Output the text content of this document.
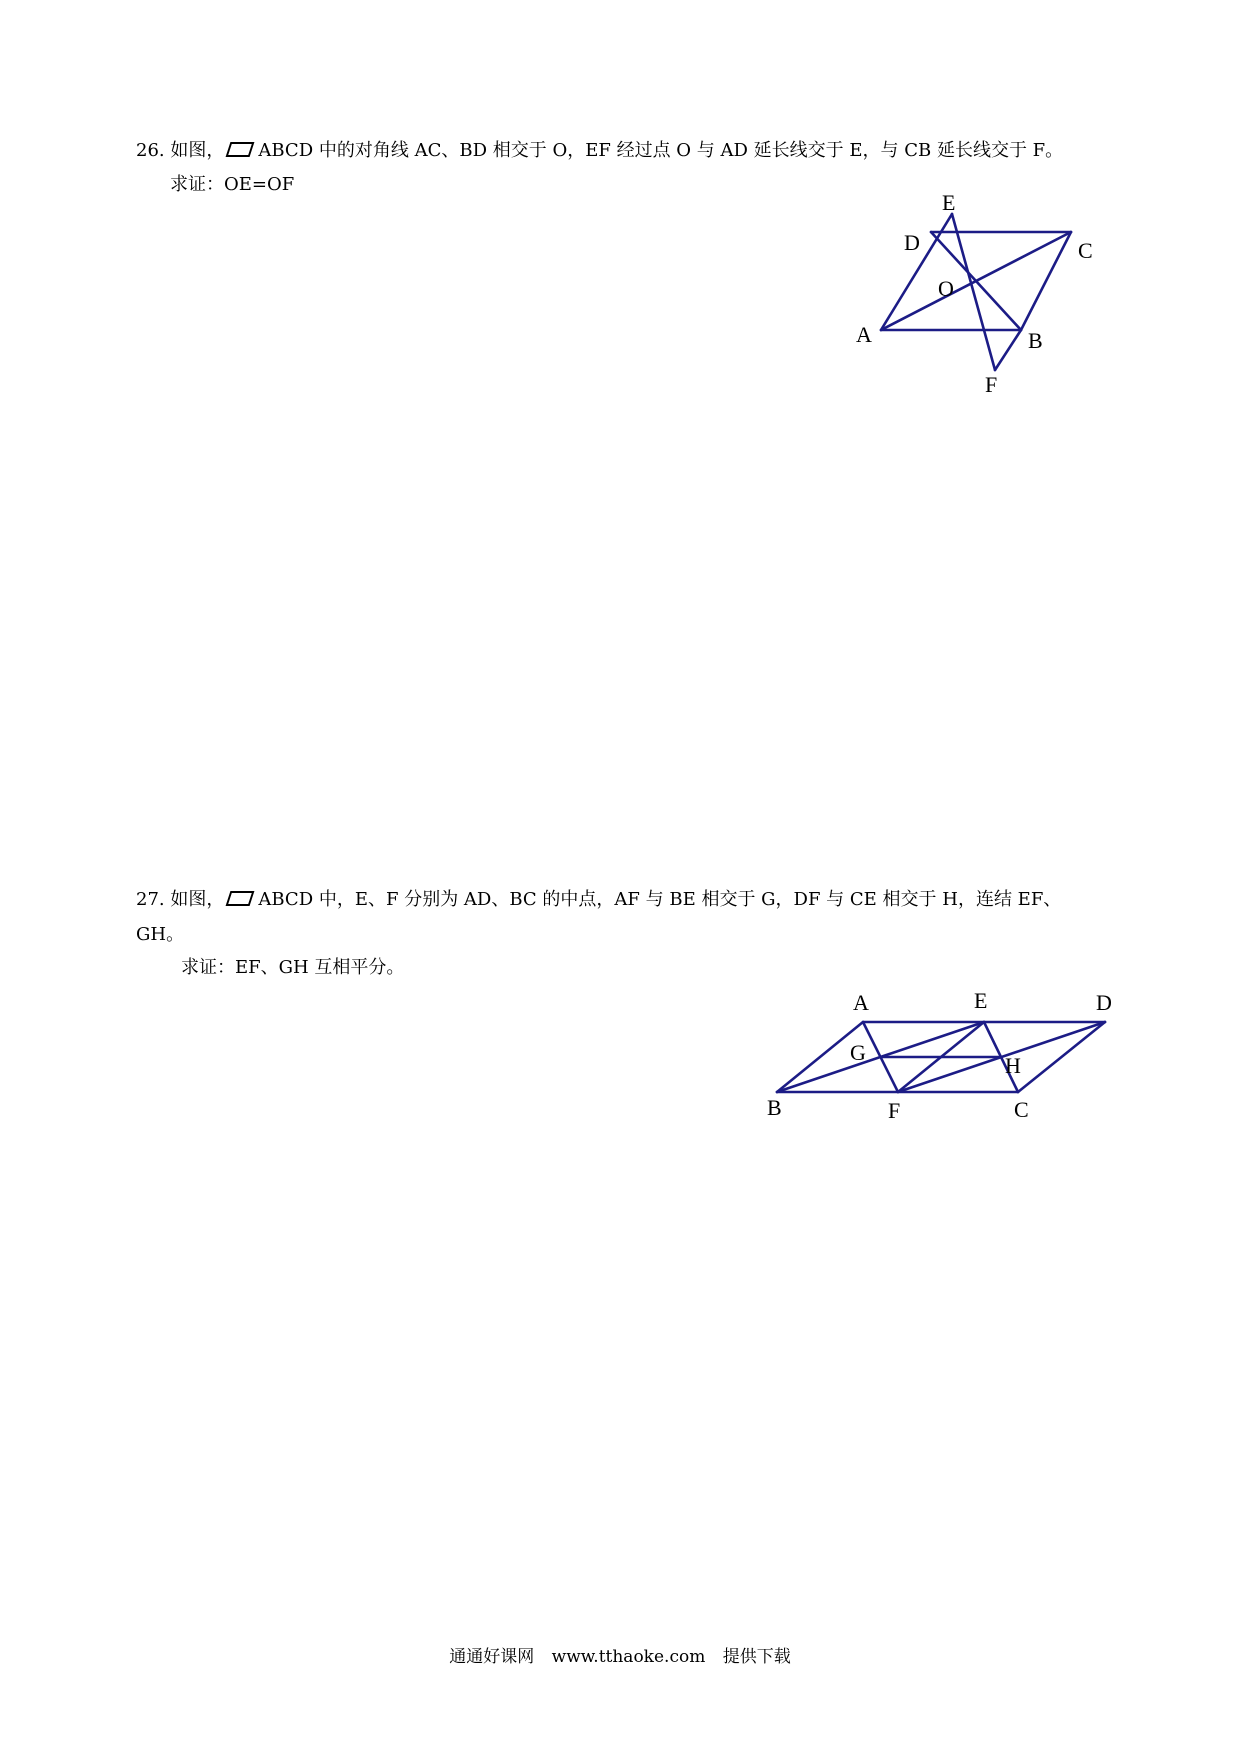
26. 如图， ABCD 中的对角线 AC、BD 相交于 O，EF 经过点 O 与 AD 延长线交于 E，与 CB 延长线交于 F。
求证：OE=OF
E
D	C
O
A	B
F
27. 如图， ABCD 中，E、F 分别为 AD、BC 的中点，AF 与 BE 相交于 G，DF 与 CE 相交于 H，连结 EF、
GH。
求证：EF、GH 互相平分。
A	E	D
G
H
B	F	C
通通好课网 www.tthaoke.com 提供下载
